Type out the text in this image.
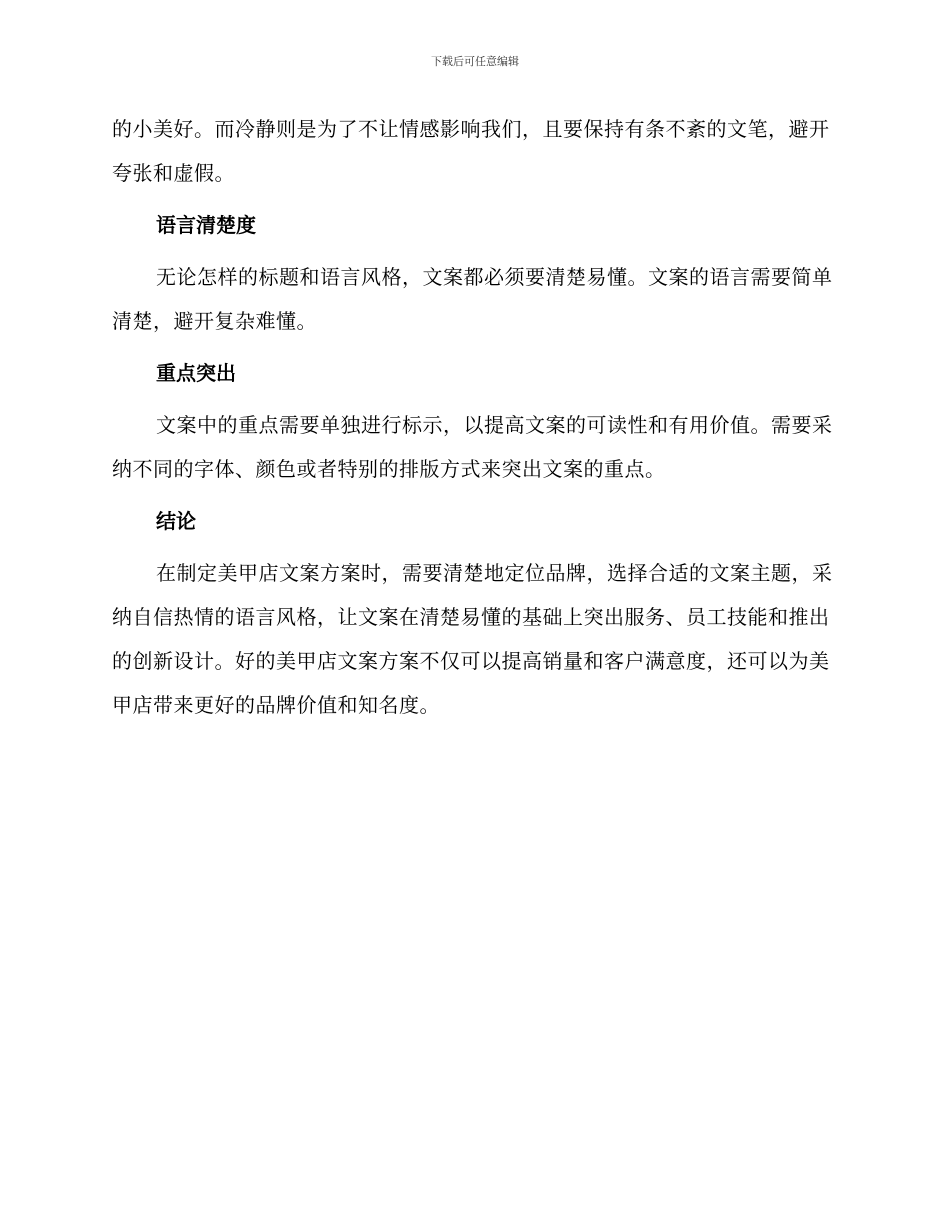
下载后可任意编辑

的小美好。而冷静则是为了不让情感影响我们，且要保持有条不紊的文笔，避开夸张和虚假。

语言清楚度

无论怎样的标题和语言风格，文案都必须要清楚易懂。文案的语言需要简单清楚，避开复杂难懂。

重点突出

文案中的重点需要单独进行标示，以提高文案的可读性和有用价值。需要采纳不同的字体、颜色或者特别的排版方式来突出文案的重点。

结论

在制定美甲店文案方案时，需要清楚地定位品牌，选择合适的文案主题，采纳自信热情的语言风格，让文案在清楚易懂的基础上突出服务、员工技能和推出的创新设计。好的美甲店文案方案不仅可以提高销量和客户满意度，还可以为美甲店带来更好的品牌价值和知名度。
